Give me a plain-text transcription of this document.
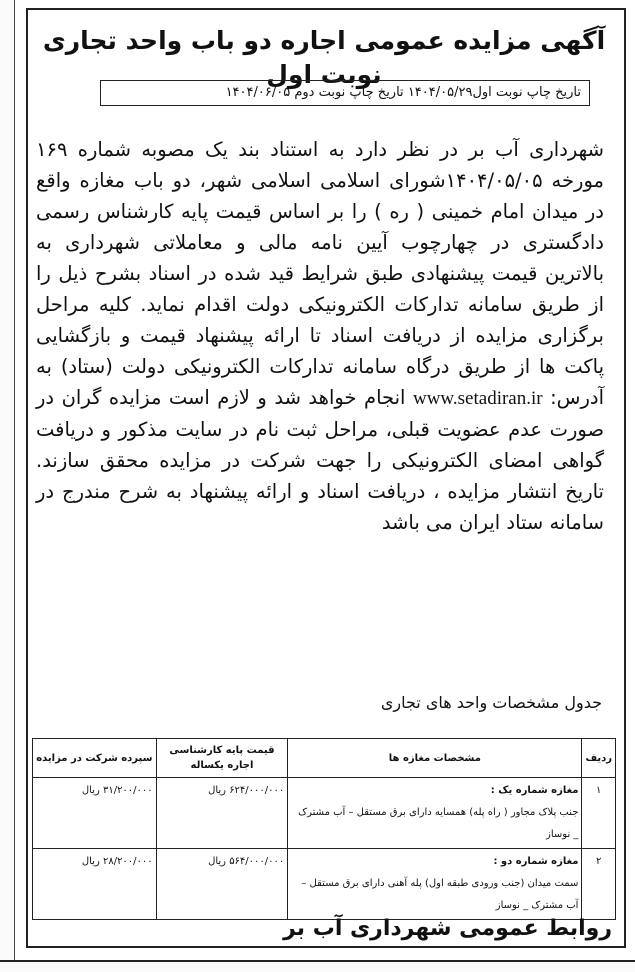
آگهی مزایده عمومی اجاره دو باب واحد تجاری نوبت اول
تاریخ چاپ نوبت اول۱۴۰۴/۰۵/۲۹ تاریخ چاپ نوبت دوم ۱۴۰۴/۰۶/۰۵
شهرداری آب بر در نظر دارد به استناد بند یک مصوبه شماره ۱۶۹ مورخه ۱۴۰۴/۰۵/۰۵شورای اسلامی اسلامی شهر، دو باب مغازه واقع در میدان امام خمینی ( ره ) را بر اساس قیمت پایه کارشناس رسمی دادگستری در چهارچوب آیین نامه مالی و معاملاتی شهرداری به بالاترین قیمت پیشنهادی طبق شرایط قید شده در اسناد بشرح ذیل را از طریق سامانه تدارکات الکترونیکی دولت اقدام نماید. کلیه مراحل برگزاری مزایده از دریافت اسناد تا ارائه پیشنهاد قیمت و بازگشایی پاکت ها از طریق درگاه سامانه تدارکات الکترونیکی دولت (ستاد) به آدرس: www.setadiran.ir انجام خواهد شد و لازم است مزایده گران در صورت عدم عضویت قبلی، مراحل ثبت نام در سایت مذکور و دریافت گواهی امضای الکترونیکی را جهت شرکت در مزایده محقق سازند. تاریخ انتشار مزایده ، دریافت اسناد و ارائه پیشنهاد به شرح مندرج در سامانه ستاد ایران می باشد
جدول مشخصات واحد های تجاری
ردیف	مشخصات مغازه ها	قیمت پایه کارشناسی اجاره یکساله	سپرده شرکت در مزایده
۱	مغازه شماره یک :
جنب پلاک مجاور ( راه پله) همسایه دارای برق مستقل – آب مشترک _ نوساز	۶۲۴/۰۰۰/۰۰۰ ریال	۳۱/۲۰۰/۰۰۰ ریال
۲	مغازه شماره دو :
سمت میدان (جنب ورودی طبقه اول) پله آهنی دارای برق مستقل – آب مشترک _ نوساز	۵۶۴/۰۰۰/۰۰۰ ریال	۲۸/۲۰۰/۰۰۰ ریال
روابط عمومی شهرداری آب بر
